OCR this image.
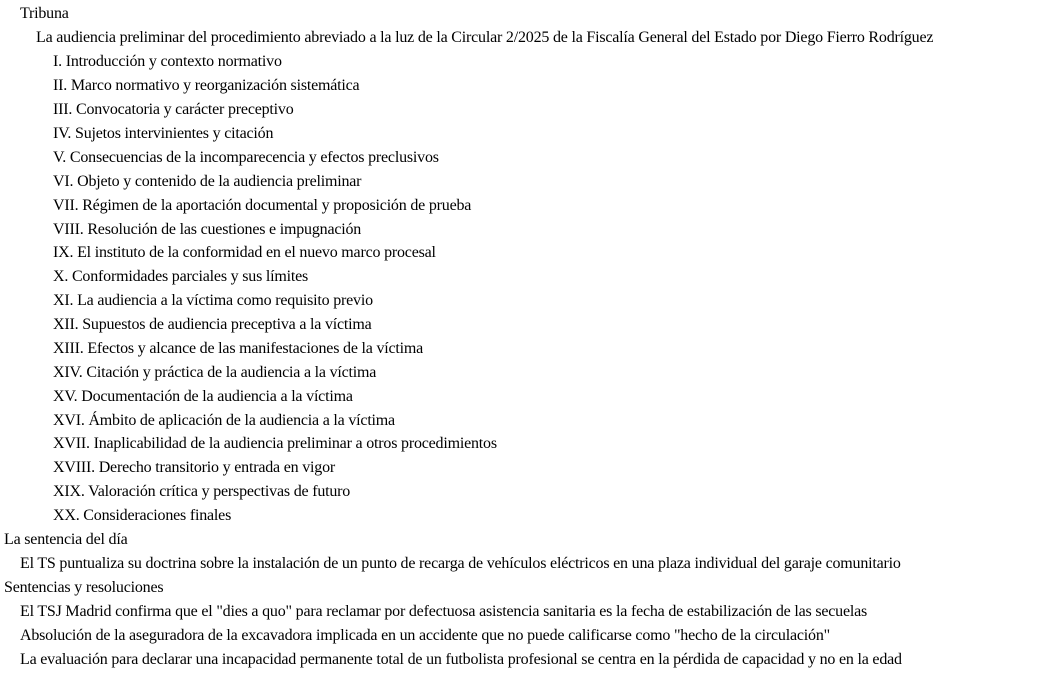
Tribuna
La audiencia preliminar del procedimiento abreviado a la luz de la Circular 2/2025 de la Fiscalía General del Estado por Diego Fierro Rodríguez
I. Introducción y contexto normativo
II. Marco normativo y reorganización sistemática
III. Convocatoria y carácter preceptivo
IV. Sujetos intervinientes y citación
V. Consecuencias de la incomparecencia y efectos preclusivos
VI. Objeto y contenido de la audiencia preliminar
VII. Régimen de la aportación documental y proposición de prueba
VIII. Resolución de las cuestiones e impugnación
IX. El instituto de la conformidad en el nuevo marco procesal
X. Conformidades parciales y sus límites
XI. La audiencia a la víctima como requisito previo
XII. Supuestos de audiencia preceptiva a la víctima
XIII. Efectos y alcance de las manifestaciones de la víctima
XIV. Citación y práctica de la audiencia a la víctima
XV. Documentación de la audiencia a la víctima
XVI. Ámbito de aplicación de la audiencia a la víctima
XVII. Inaplicabilidad de la audiencia preliminar a otros procedimientos
XVIII. Derecho transitorio y entrada en vigor
XIX. Valoración crítica y perspectivas de futuro
XX. Consideraciones finales
La sentencia del día
El TS puntualiza su doctrina sobre la instalación de un punto de recarga de vehículos eléctricos en una plaza individual del garaje comunitario
Sentencias y resoluciones
El TSJ Madrid confirma que el "dies a quo" para reclamar por defectuosa asistencia sanitaria es la fecha de estabilización de las secuelas
Absolución de la aseguradora de la excavadora implicada en un accidente que no puede calificarse como "hecho de la circulación"
La evaluación para declarar una incapacidad permanente total de un futbolista profesional se centra en la pérdida de capacidad y no en la edad
